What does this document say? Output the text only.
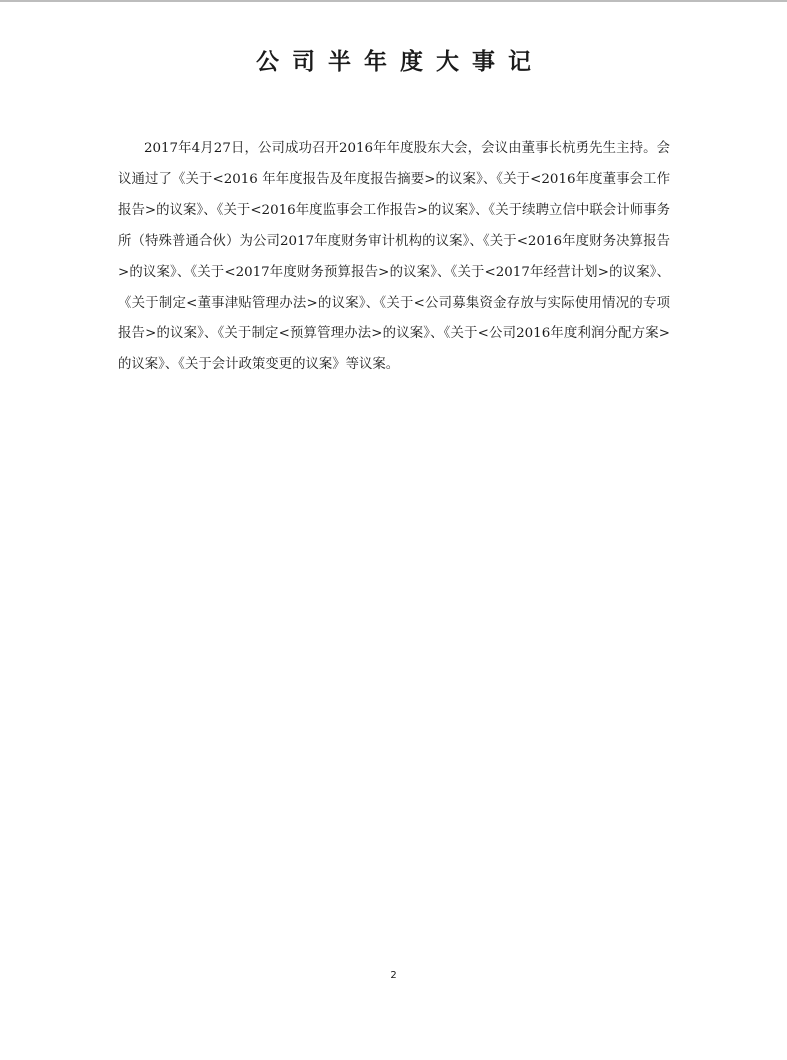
公司半年度大事记

2017年4月27日，公司成功召开2016年年度股东大会，会议由董事长杭勇先生主持。会议通过了《关于<2016 年年度报告及年度报告摘要>的议案》、《关于<2016年度董事会工作报告>的议案》、《关于<2016年度监事会工作报告>的议案》、《关于续聘立信中联会计师事务所（特殊普通合伙）为公司2017年度财务审计机构的议案》、《关于<2016年度财务决算报告>的议案》、《关于<2017年度财务预算报告>的议案》、《关于<2017年经营计划>的议案》、《关于制定<董事津贴管理办法>的议案》、《关于<公司募集资金存放与实际使用情况的专项报告>的议案》、《关于制定<预算管理办法>的议案》、《关于<公司2016年度利润分配方案>的议案》、《关于会计政策变更的议案》等议案。

2
